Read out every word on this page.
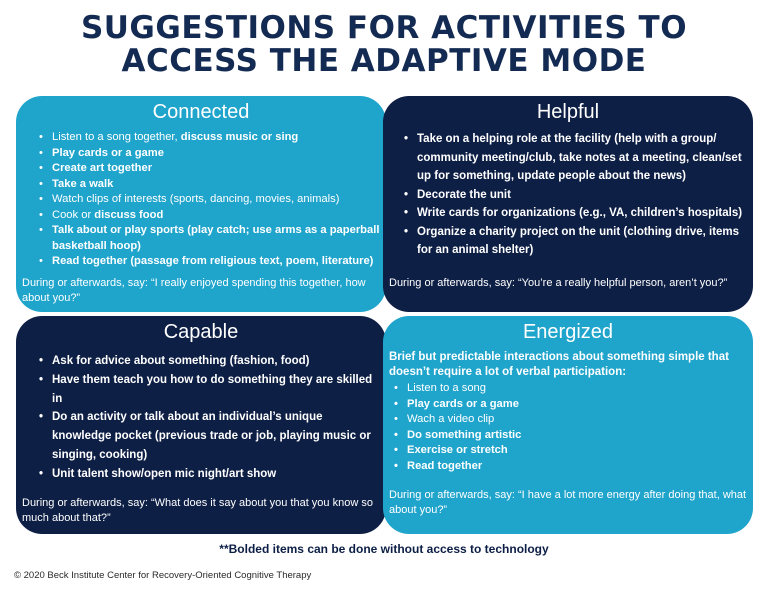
SUGGESTIONS FOR ACTIVITIES TO
ACCESS THE ADAPTIVE MODE
Connected
• Listen to a song together, discuss music or sing
• Play cards or a game
• Create art together
• Take a walk
• Watch clips of interests (sports, dancing, movies, animals)
• Cook or discuss food
• Talk about or play sports (play catch; use arms as a paperball basketball hoop)
• Read together (passage from religious text, poem, literature)
During or afterwards, say: “I really enjoyed spending this together, how about you?”
Helpful
• Take on a helping role at the facility (help with a group/ community meeting/club, take notes at a meeting, clean/set up for something, update people about the news)
• Decorate the unit
• Write cards for organizations (e.g., VA, children’s hospitals)
• Organize a charity project on the unit (clothing drive, items for an animal shelter)
During or afterwards, say: “You’re a really helpful person, aren’t you?”
Capable
• Ask for advice about something (fashion, food)
• Have them teach you how to do something they are skilled in
• Do an activity or talk about an individual’s unique knowledge pocket (previous trade or job, playing music or singing, cooking)
• Unit talent show/open mic night/art show
During or afterwards, say: “What does it say about you that you know so much about that?”
Energized
Brief but predictable interactions about something simple that doesn’t require a lot of verbal participation:
• Listen to a song
• Play cards or a game
• Wach a video clip
• Do something artistic
• Exercise or stretch
• Read together
During or afterwards, say: “I have a lot more energy after doing that, what about you?”
**Bolded items can be done without access to technology
© 2020 Beck Institute Center for Recovery-Oriented Cognitive Therapy
